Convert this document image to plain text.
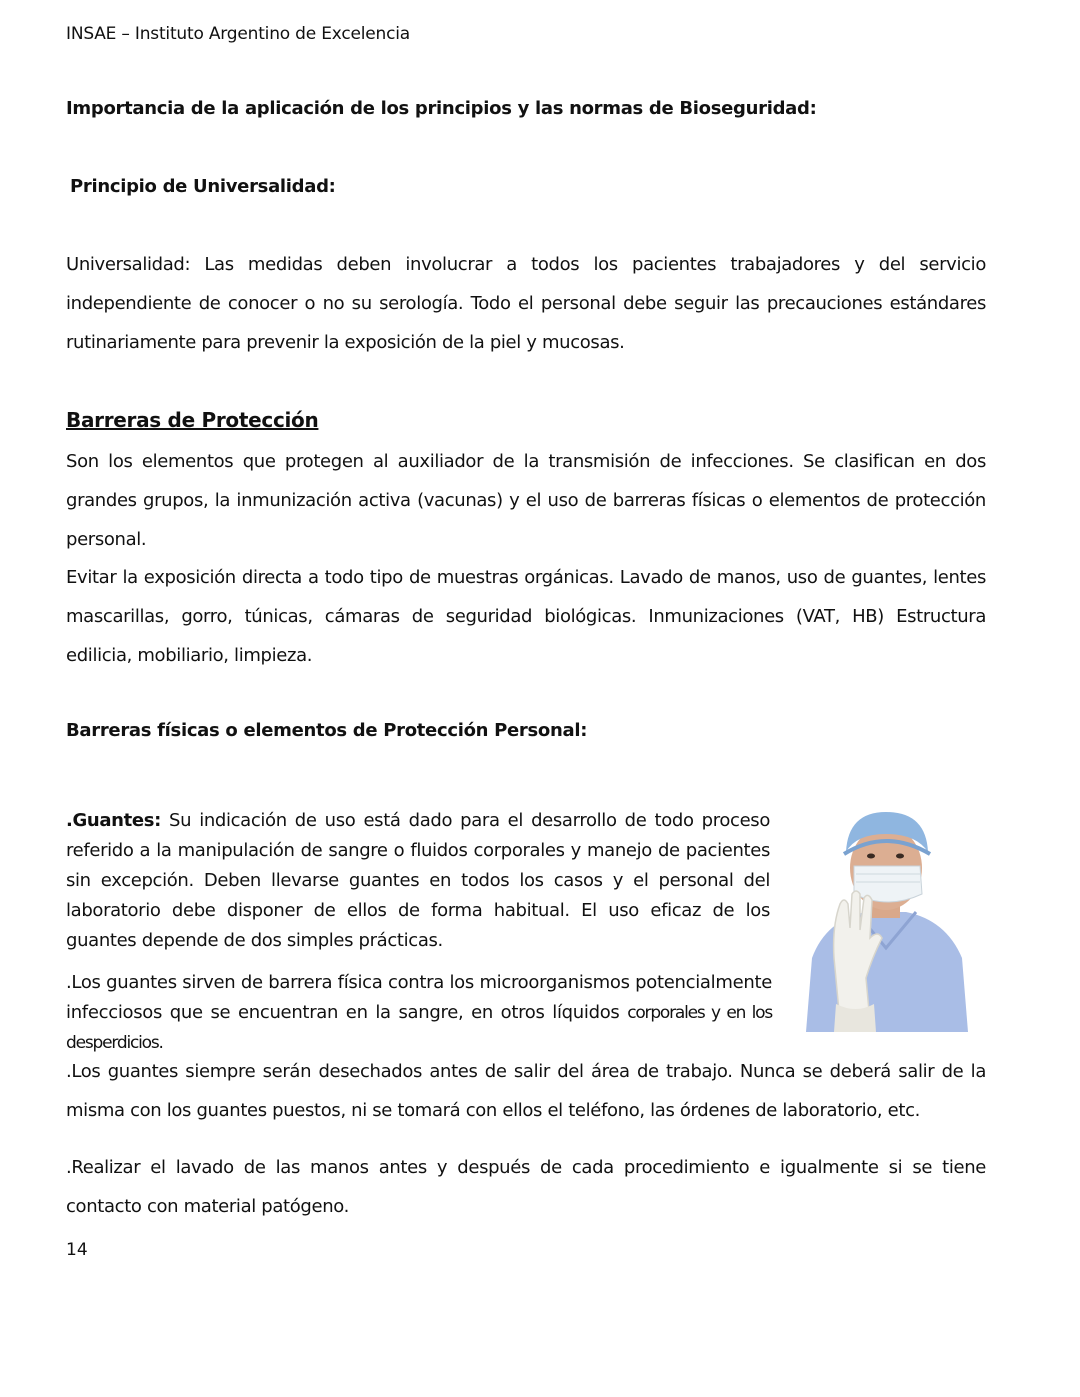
INSAE – Instituto Argentino de Excelencia
Importancia de la aplicación de los principios y las normas de Bioseguridad:
Principio de Universalidad:

Universalidad: Las medidas deben involucrar a todos los pacientes trabajadores y del servicio independiente de conocer o no su serología. Todo el personal debe seguir las precauciones estándares rutinariamente para prevenir la exposición de la piel y mucosas.

Barreras de Protección

Son los elementos que protegen al auxiliador de la transmisión de infecciones. Se clasifican en dos grandes grupos, la inmunización activa (vacunas) y el uso de barreras físicas o elementos de protección personal.

Evitar la exposición directa a todo tipo de muestras orgánicas. Lavado de manos, uso de guantes, lentes mascarillas, gorro, túnicas, cámaras de seguridad biológicas. Inmunizaciones (VAT, HB) Estructura edilicia, mobiliario, limpieza.

Barreras físicas o elementos de Protección Personal:
.Guantes: Su indicación de uso está dado para el desarrollo de todo proceso referido a la manipulación de sangre o fluidos corporales y manejo de pacientes sin excepción. Deben llevarse guantes en todos los casos y el personal del laboratorio debe disponer de ellos de forma habitual. El uso eficaz de los guantes depende de dos simples prácticas.
.Los guantes sirven de barrera física contra los microorganismos potencialmente infecciosos que se encuentran en la sangre, en otros líquidos corporales y en los desperdicios.

.Los guantes siempre serán desechados antes de salir del área de trabajo. Nunca se deberá salir de la misma con los guantes puestos, ni se tomará con ellos el teléfono, las órdenes de laboratorio, etc.

.Realizar el lavado de las manos antes y después de cada procedimiento e igualmente si se tiene contacto con material patógeno.

14
